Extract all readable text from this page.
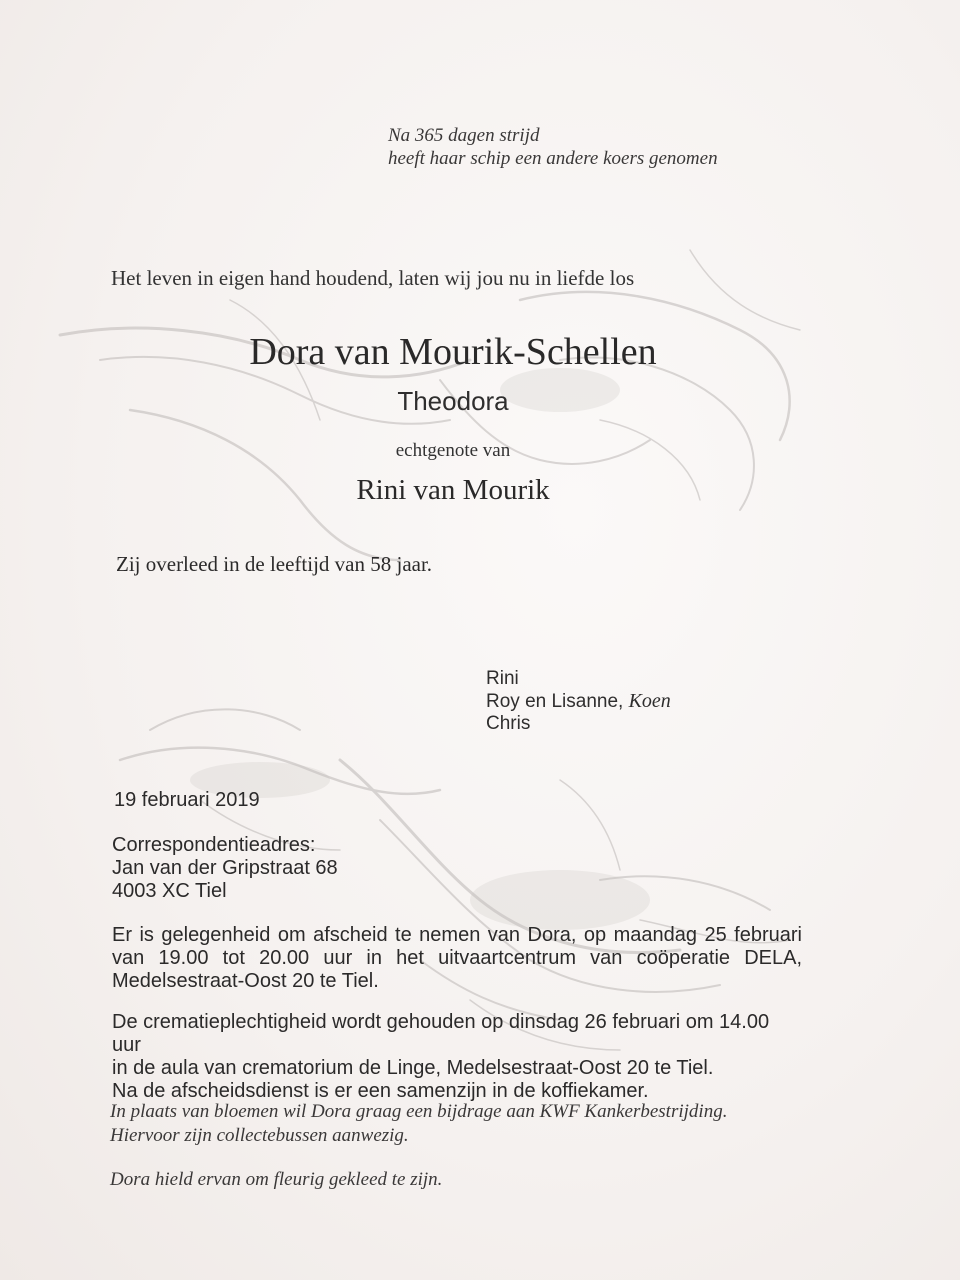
Na 365 dagen strijd
heeft haar schip een andere koers genomen
Het leven in eigen hand houdend, laten wij jou nu in liefde los
Dora van Mourik-Schellen
Theodora
echtgenote van
Rini van Mourik
Zij overleed in de leeftijd van 58 jaar.
Rini
Roy en Lisanne, Koen
Chris
19 februari 2019
Correspondentieadres:
Jan van der Gripstraat 68
4003 XC Tiel
Er is gelegenheid om afscheid te nemen van Dora, op maandag 25 februari
van 19.00 tot 20.00 uur in het uitvaartcentrum van coöperatie DELA,
Medelsestraat-Oost 20 te Tiel.
De crematieplechtigheid wordt gehouden op dinsdag 26 februari om 14.00 uur
in de aula van crematorium de Linge, Medelsestraat-Oost 20 te Tiel.
Na de afscheidsdienst is er een samenzijn in de koffiekamer.
In plaats van bloemen wil Dora graag een bijdrage aan KWF Kankerbestrijding.
Hiervoor zijn collectebussen aanwezig.
Dora hield ervan om fleurig gekleed te zijn.
